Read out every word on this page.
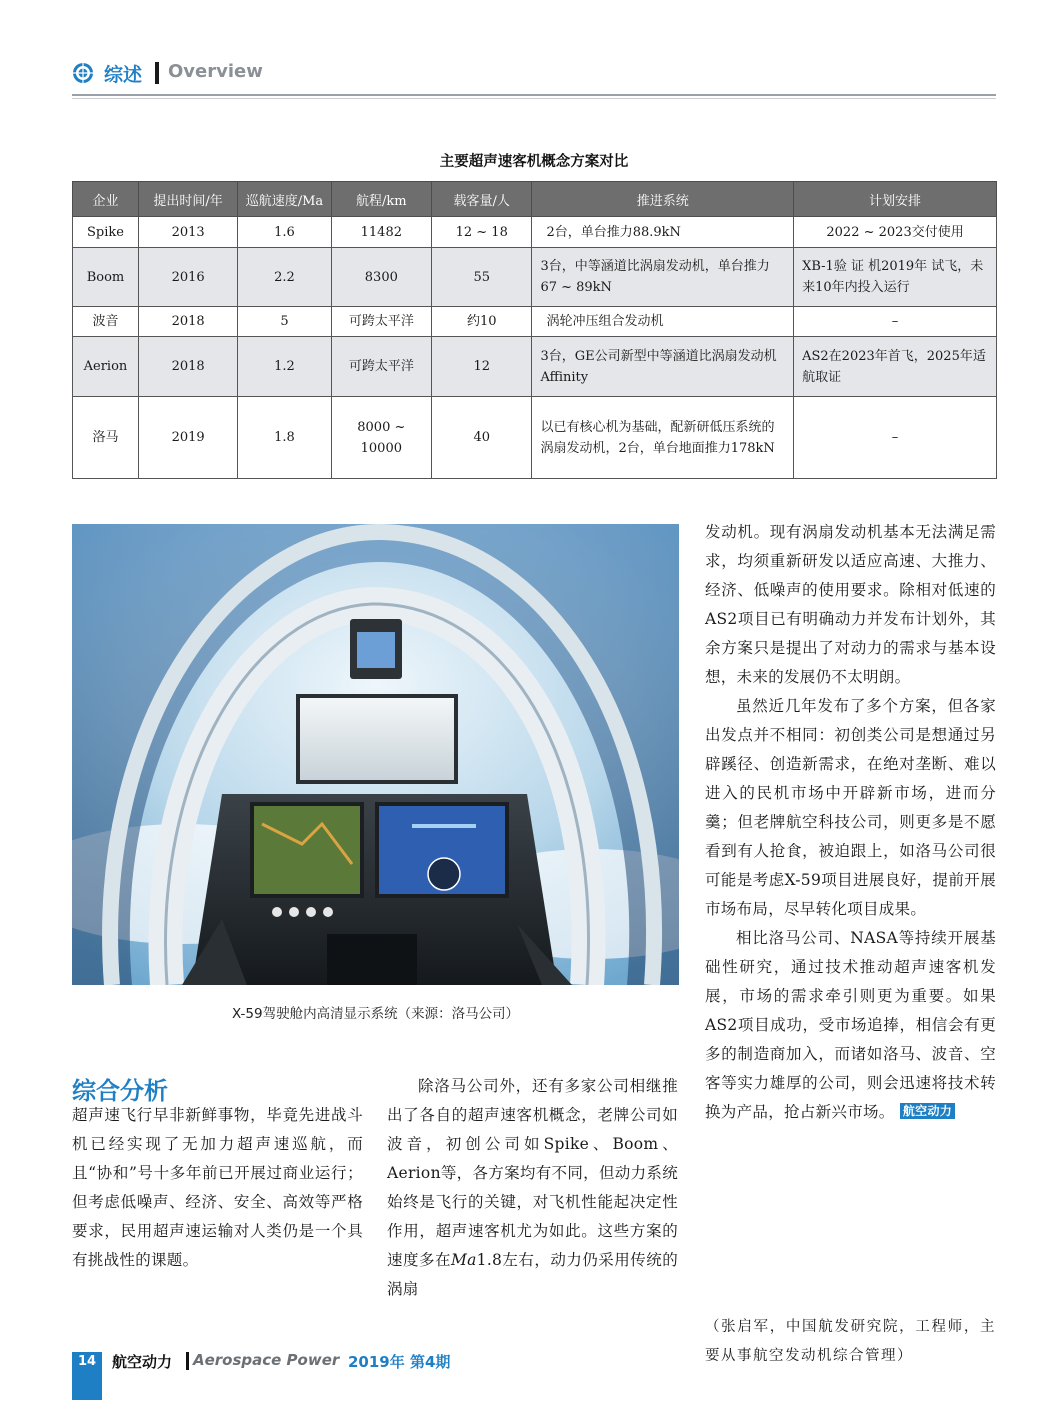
综述 Overview
主要超声速客机概念方案对比
企业	提出时间/年	巡航速度/Ma	航程/km	载客量/人	推进系统	计划安排
Spike	2013	1.6	11482	12 ~ 18	2台，单台推力88.9kN	2022 ~ 2023交付使用
Boom	2016	2.2	8300	55	3台，中等涵道比涡扇发动机，单台推力67 ~ 89kN	XB-1验 证 机2019年 试飞，未来10年内投入运行
波音	2018	5	可跨太平洋	约10	涡轮冲压组合发动机	–
Aerion	2018	1.2	可跨太平洋	12	3台，GE公司新型中等涵道比涡扇发动机Affinity	AS2在2023年首飞，2025年适航取证
洛马	2019	1.8	8000 ~ 10000	40	以已有核心机为基础，配新研低压系统的涡扇发动机，2台，单台地面推力178kN	–
X-59驾驶舱内高清显示系统（来源：洛马公司）

发动机。现有涡扇发动机基本无法满足需求，均须重新研发以适应高速、大推力、经济、低噪声的使用要求。除相对低速的AS2项目已有明确动力并发布计划外，其余方案只是提出了对动力的需求与基本设想，未来的发展仍不太明朗。

虽然近几年发布了多个方案，但各家出发点并不相同：初创类公司是想通过另辟蹊径、创造新需求，在绝对垄断、难以进入的民机市场中开辟新市场，进而分羹；但老牌航空科技公司，则更多是不愿看到有人抢食，被迫跟上，如洛马公司很可能是考虑X-59项目进展良好，提前开展市场布局，尽早转化项目成果。

相比洛马公司、NASA等持续开展基础性研究，通过技术推动超声速客机发展，市场的需求牵引则更为重要。如果AS2项目成功，受市场追捧，相信会有更多的制造商加入，而诸如洛马、波音、空客等实力雄厚的公司，则会迅速将技术转换为产品，抢占新兴市场。 航空动力

（张启军，中国航发研究院，工程师，主要从事航空发动机综合管理）
综合分析

超声速飞行早非新鲜事物，毕竟先进战斗机已经实现了无加力超声速巡航，而且“协和”号十多年前已开展过商业运行；但考虑低噪声、经济、安全、高效等严格要求，民用超声速运输对人类仍是一个具有挑战性的课题。

除洛马公司外，还有多家公司相继推出了各自的超声速客机概念，老牌公司如波音，初创公司如Spike、Boom、Aerion等，各方案均有不同，但动力系统始终是飞行的关键，对飞机性能起决定性作用，超声速客机尤为如此。这些方案的速度多在Ma1.8左右，动力仍采用传统的涡扇

14	航空动力 Aerospace Power 2019年 第4期
